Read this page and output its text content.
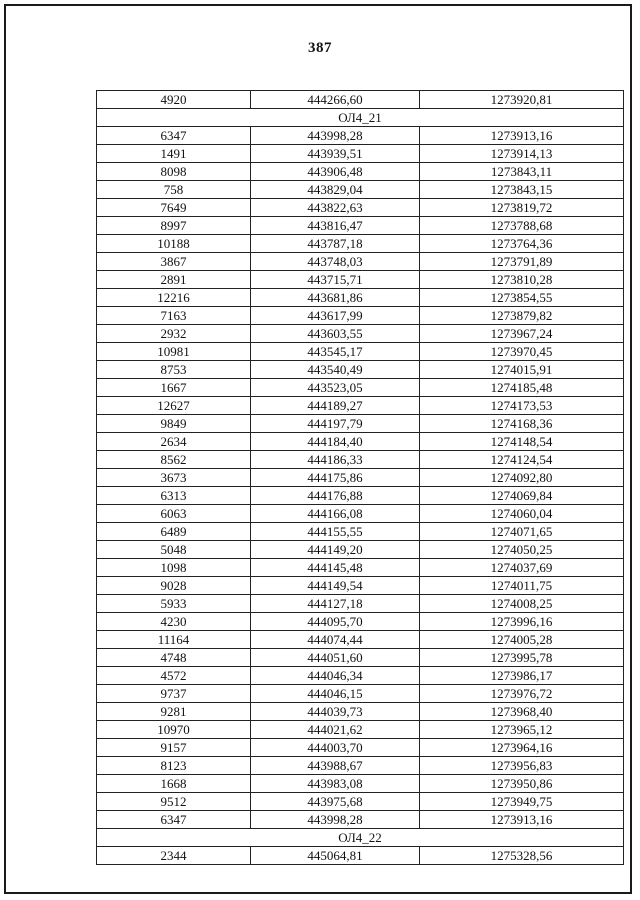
387
4920	444266,60	1273920,81
ОЛ4_21		
6347	443998,28	1273913,16
1491	443939,51	1273914,13
8098	443906,48	1273843,11
758	443829,04	1273843,15
7649	443822,63	1273819,72
8997	443816,47	1273788,68
10188	443787,18	1273764,36
3867	443748,03	1273791,89
2891	443715,71	1273810,28
12216	443681,86	1273854,55
7163	443617,99	1273879,82
2932	443603,55	1273967,24
10981	443545,17	1273970,45
8753	443540,49	1274015,91
1667	443523,05	1274185,48
12627	444189,27	1274173,53
9849	444197,79	1274168,36
2634	444184,40	1274148,54
8562	444186,33	1274124,54
3673	444175,86	1274092,80
6313	444176,88	1274069,84
6063	444166,08	1274060,04
6489	444155,55	1274071,65
5048	444149,20	1274050,25
1098	444145,48	1274037,69
9028	444149,54	1274011,75
5933	444127,18	1274008,25
4230	444095,70	1273996,16
11164	444074,44	1274005,28
4748	444051,60	1273995,78
4572	444046,34	1273986,17
9737	444046,15	1273976,72
9281	444039,73	1273968,40
10970	444021,62	1273965,12
9157	444003,70	1273964,16
8123	443988,67	1273956,83
1668	443983,08	1273950,86
9512	443975,68	1273949,75
6347	443998,28	1273913,16
ОЛ4_22		
2344	445064,81	1275328,56
